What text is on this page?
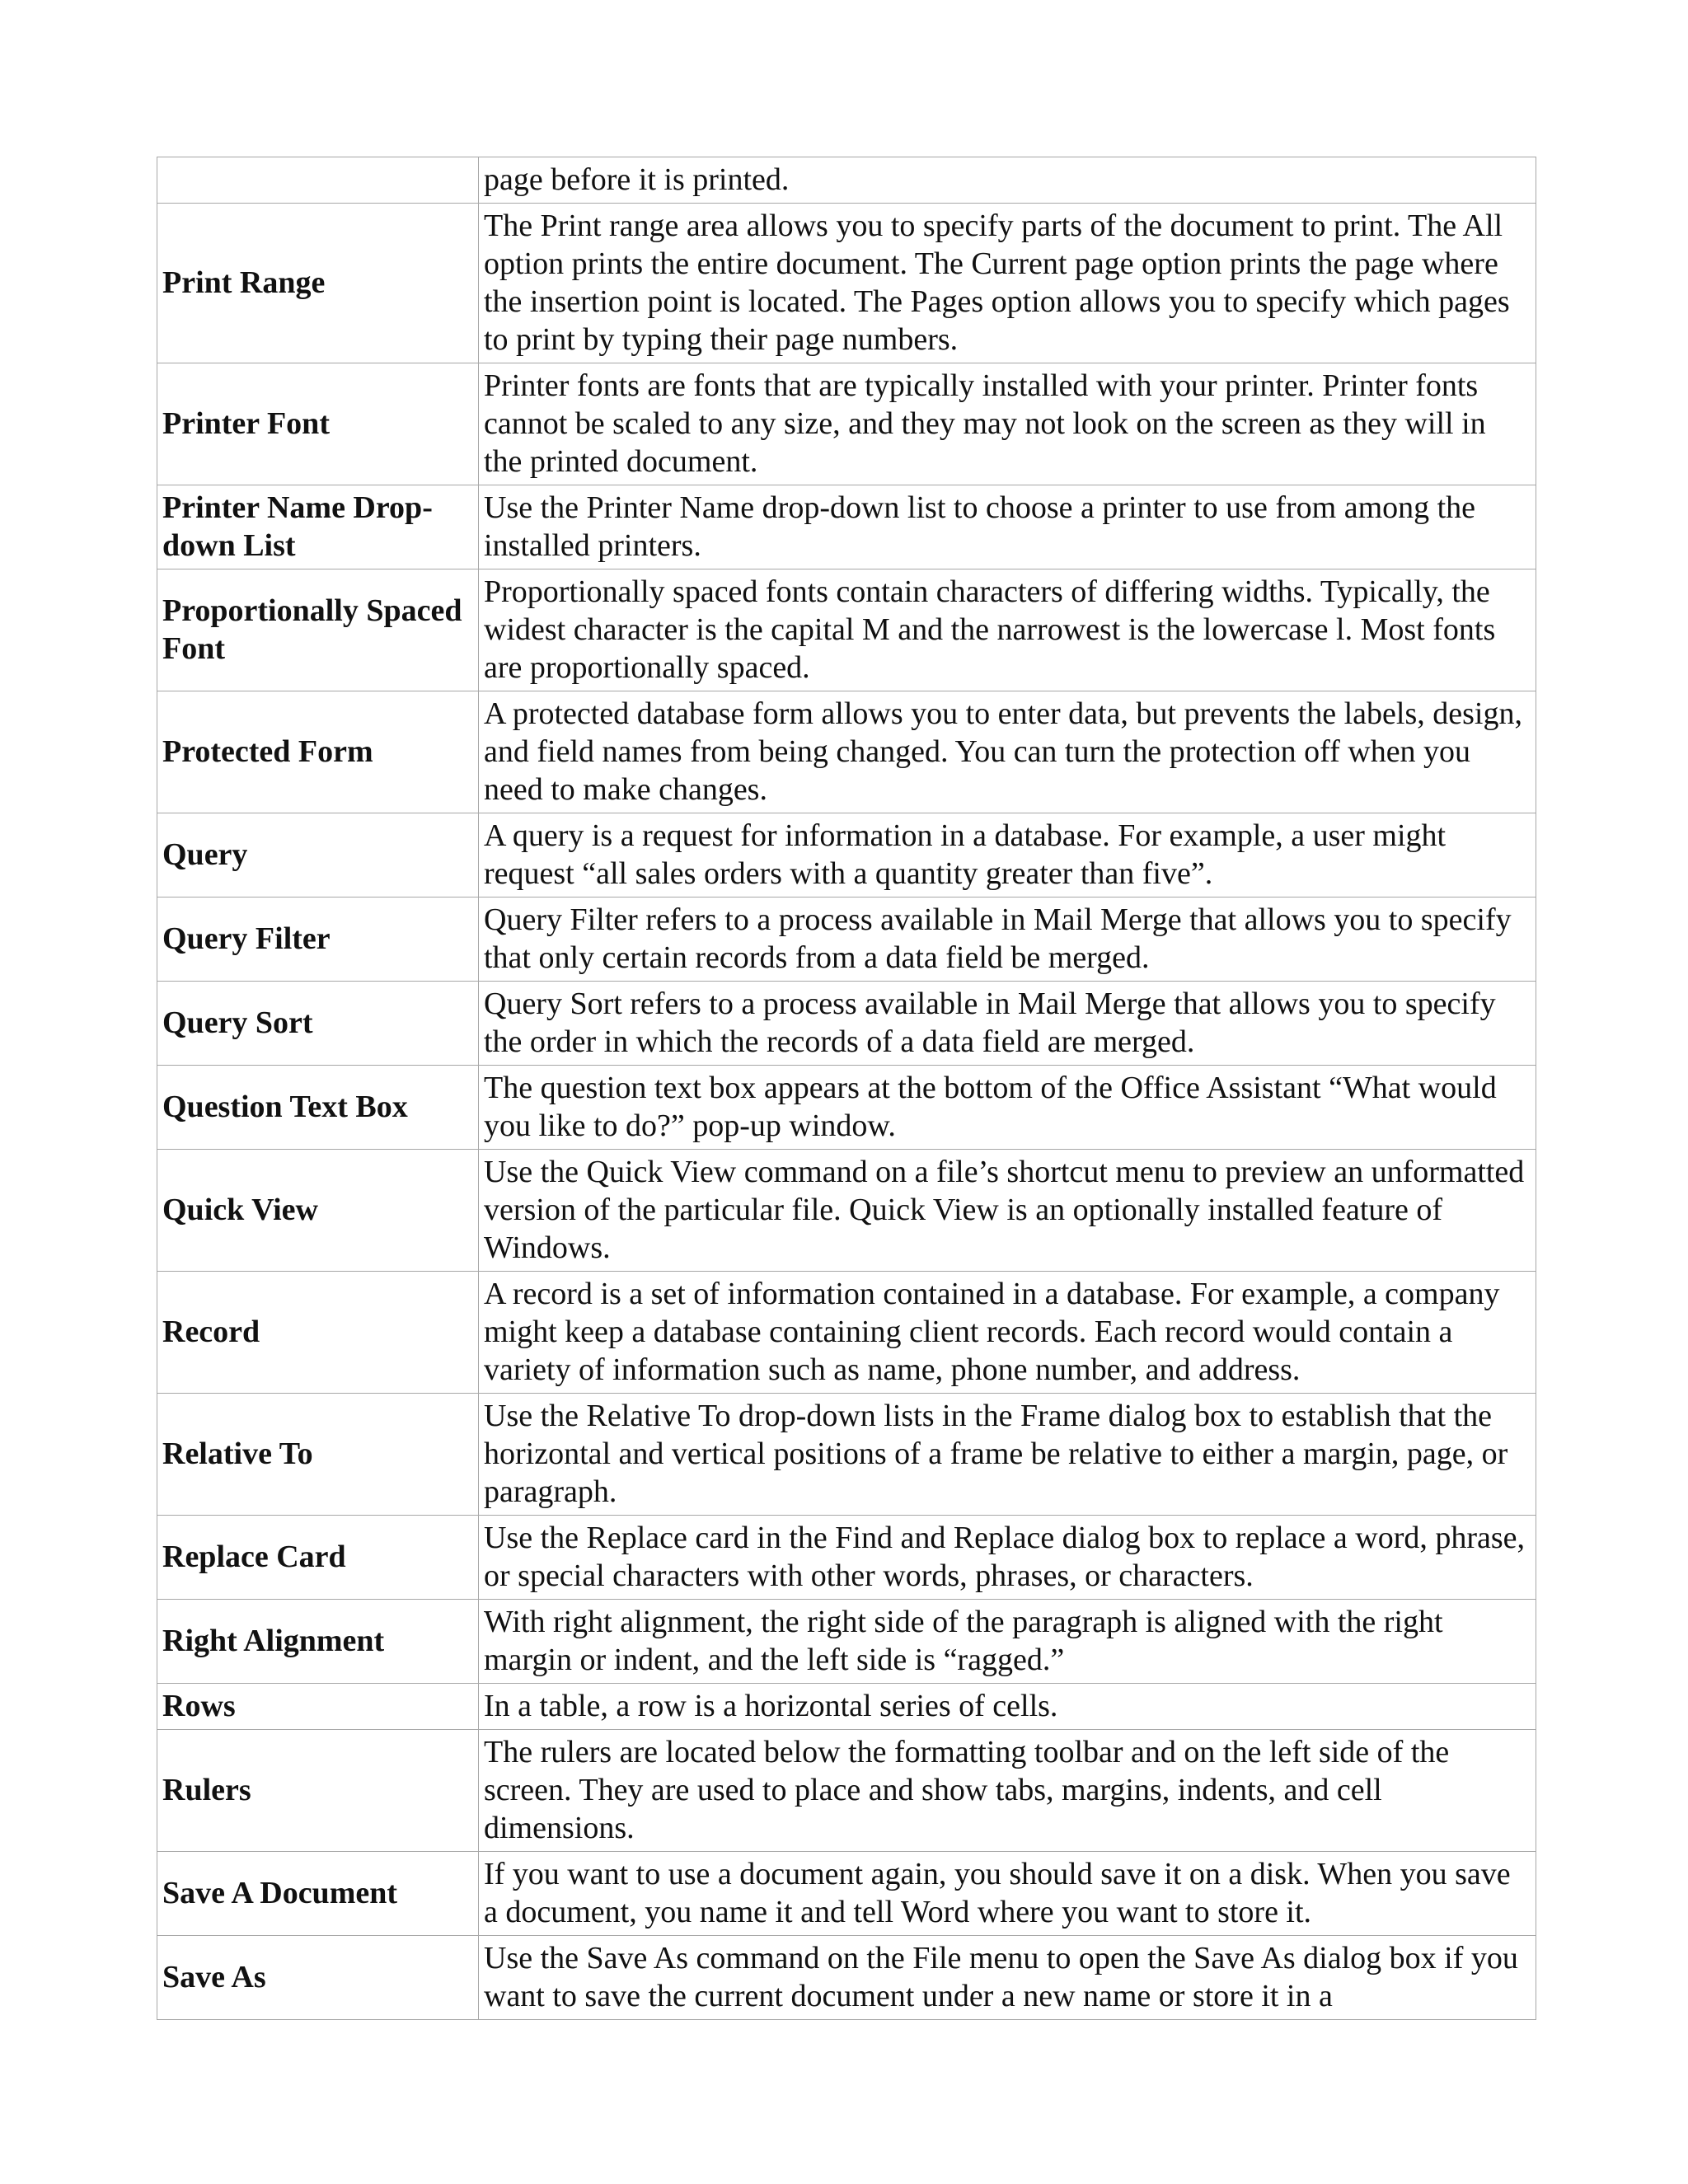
	page before it is printed.
Print Range	The Print range area allows you to specify parts of the document to print. The All option prints the entire document. The Current page option prints the page where the insertion point is located. The Pages option allows you to specify which pages to print by typing their page numbers.
Printer Font	Printer fonts are fonts that are typically installed with your printer. Printer fonts cannot be scaled to any size, and they may not look on the screen as they will in the printed document.
Printer Name Drop-down List	Use the Printer Name drop-down list to choose a printer to use from among the installed printers.
Proportionally Spaced Font	Proportionally spaced fonts contain characters of differing widths. Typically, the widest character is the capital M and the narrowest is the lowercase l. Most fonts are proportionally spaced.
Protected Form	A protected database form allows you to enter data, but prevents the labels, design, and field names from being changed. You can turn the protection off when you need to make changes.
Query	A query is a request for information in a database. For example, a user might request “all sales orders with a quantity greater than five”.
Query Filter	Query Filter refers to a process available in Mail Merge that allows you to specify that only certain records from a data field be merged.
Query Sort	Query Sort refers to a process available in Mail Merge that allows you to specify the order in which the records of a data field are merged.
Question Text Box	The question text box appears at the bottom of the Office Assistant “What would you like to do?” pop-up window.
Quick View	Use the Quick View command on a file’s shortcut menu to preview an unformatted version of the particular file. Quick View is an optionally installed feature of Windows.
Record	A record is a set of information contained in a database. For example, a company might keep a database containing client records. Each record would contain a variety of information such as name, phone number, and address.
Relative To	Use the Relative To drop-down lists in the Frame dialog box to establish that the horizontal and vertical positions of a frame be relative to either a margin, page, or paragraph.
Replace Card	Use the Replace card in the Find and Replace dialog box to replace a word, phrase, or special characters with other words, phrases, or characters.
Right Alignment	With right alignment, the right side of the paragraph is aligned with the right margin or indent, and the left side is “ragged.”
Rows	In a table, a row is a horizontal series of cells.
Rulers	The rulers are located below the formatting toolbar and on the left side of the screen. They are used to place and show tabs, margins, indents, and cell dimensions.
Save A Document	If you want to use a document again, you should save it on a disk. When you save a document, you name it and tell Word where you want to store it.
Save As	Use the Save As command on the File menu to open the Save As dialog box if you want to save the current document under a new name or store it in a
